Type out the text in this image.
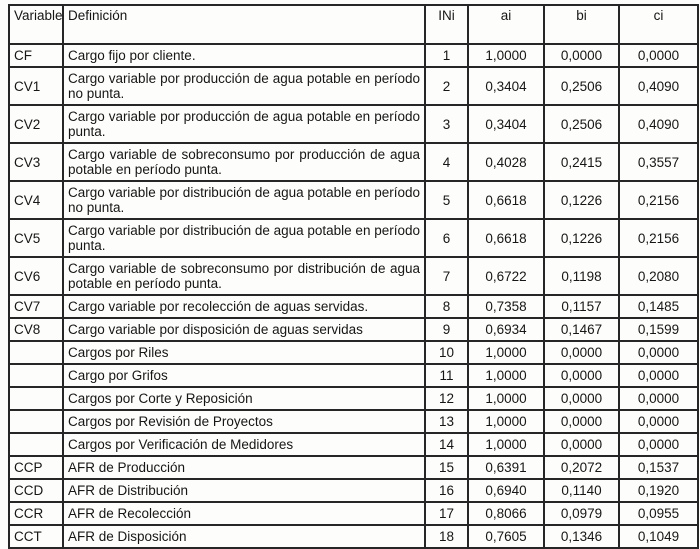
Variable	Definición	INi	ai	bi	ci
CF	Cargo fijo por cliente.	1	1,0000	0,0000	0,0000
CV1	Cargo variable por producción de agua potable en período no punta.	2	0,3404	0,2506	0,4090
CV2	Cargo variable por producción de agua potable en período punta.	3	0,3404	0,2506	0,4090
CV3	Cargo variable de sobreconsumo por producción de agua potable en período punta.	4	0,4028	0,2415	0,3557
CV4	Cargo variable por distribución de agua potable en período no punta.	5	0,6618	0,1226	0,2156
CV5	Cargo variable por distribución de agua potable en período punta.	6	0,6618	0,1226	0,2156
CV6	Cargo variable de sobreconsumo por distribución de agua potable en período punta.	7	0,6722	0,1198	0,2080
CV7	Cargo variable por recolección de aguas servidas.	8	0,7358	0,1157	0,1485
CV8	Cargo variable por disposición de aguas servidas	9	0,6934	0,1467	0,1599
	Cargos por Riles	10	1,0000	0,0000	0,0000
	Cargo por Grifos	11	1,0000	0,0000	0,0000
	Cargos por Corte y Reposición	12	1,0000	0,0000	0,0000
	Cargos por Revisión de Proyectos	13	1,0000	0,0000	0,0000
	Cargos por Verificación de Medidores	14	1,0000	0,0000	0,0000
CCP	AFR de Producción	15	0,6391	0,2072	0,1537
CCD	AFR de Distribución	16	0,6940	0,1140	0,1920
CCR	AFR de Recolección	17	0,8066	0,0979	0,0955
CCT	AFR de Disposición	18	0,7605	0,1346	0,1049
